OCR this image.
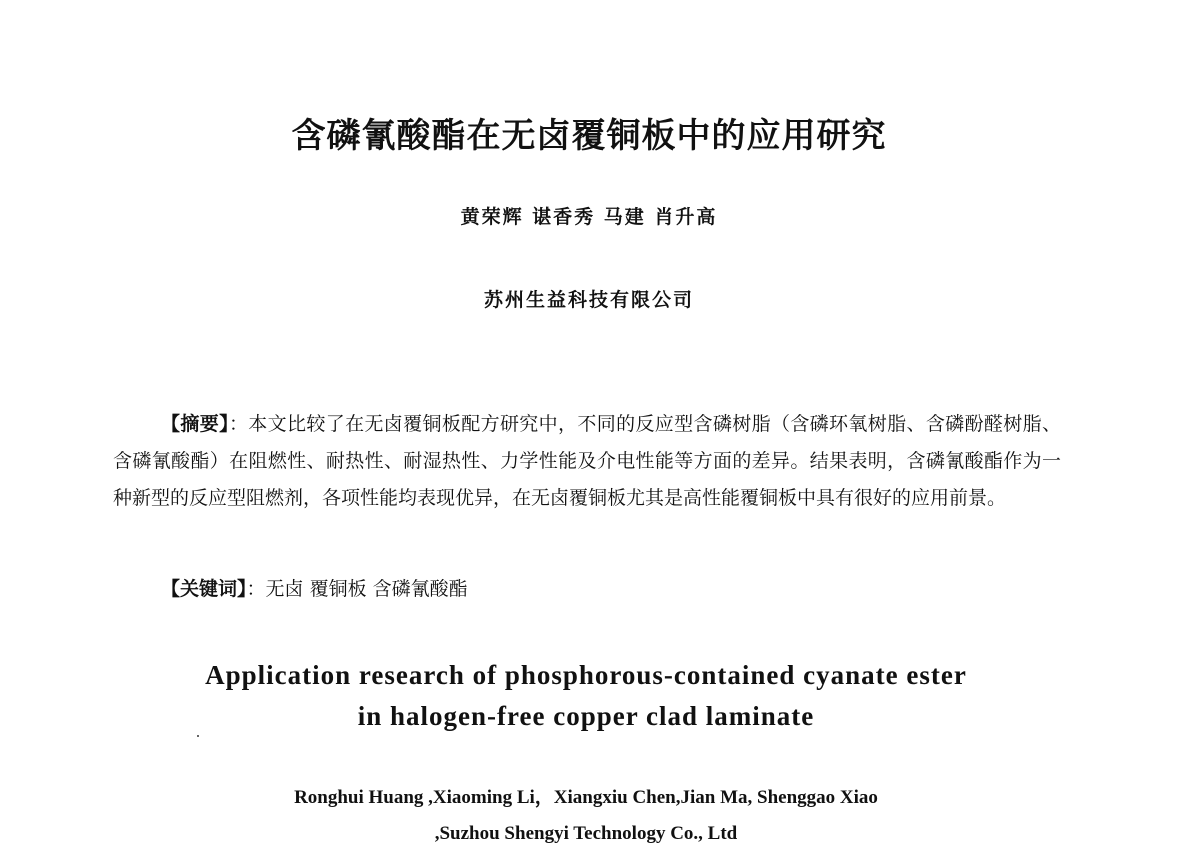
含磷氰酸酯在无卤覆铜板中的应用研究
黄荣辉 谌香秀 马建 肖升高
苏州生益科技有限公司
【摘要】：本文比较了在无卤覆铜板配方研究中，不同的反应型含磷树脂（含磷环氧树脂、含磷酚醛树脂、含磷氰酸酯）在阻燃性、耐热性、耐湿热性、力学性能及介电性能等方面的差异。结果表明，含磷氰酸酯作为一种新型的反应型阻燃剂，各项性能均表现优异，在无卤覆铜板尤其是高性能覆铜板中具有很好的应用前景。
【关键词】：无卤 覆铜板 含磷氰酸酯
Application research of phosphorous-contained cyanate ester
in halogen-free copper clad laminate
Ronghui Huang ,Xiaoming Li，Xiangxiu Chen,Jian Ma, Shenggao Xiao
,Suzhou Shengyi Technology Co., Ltd
